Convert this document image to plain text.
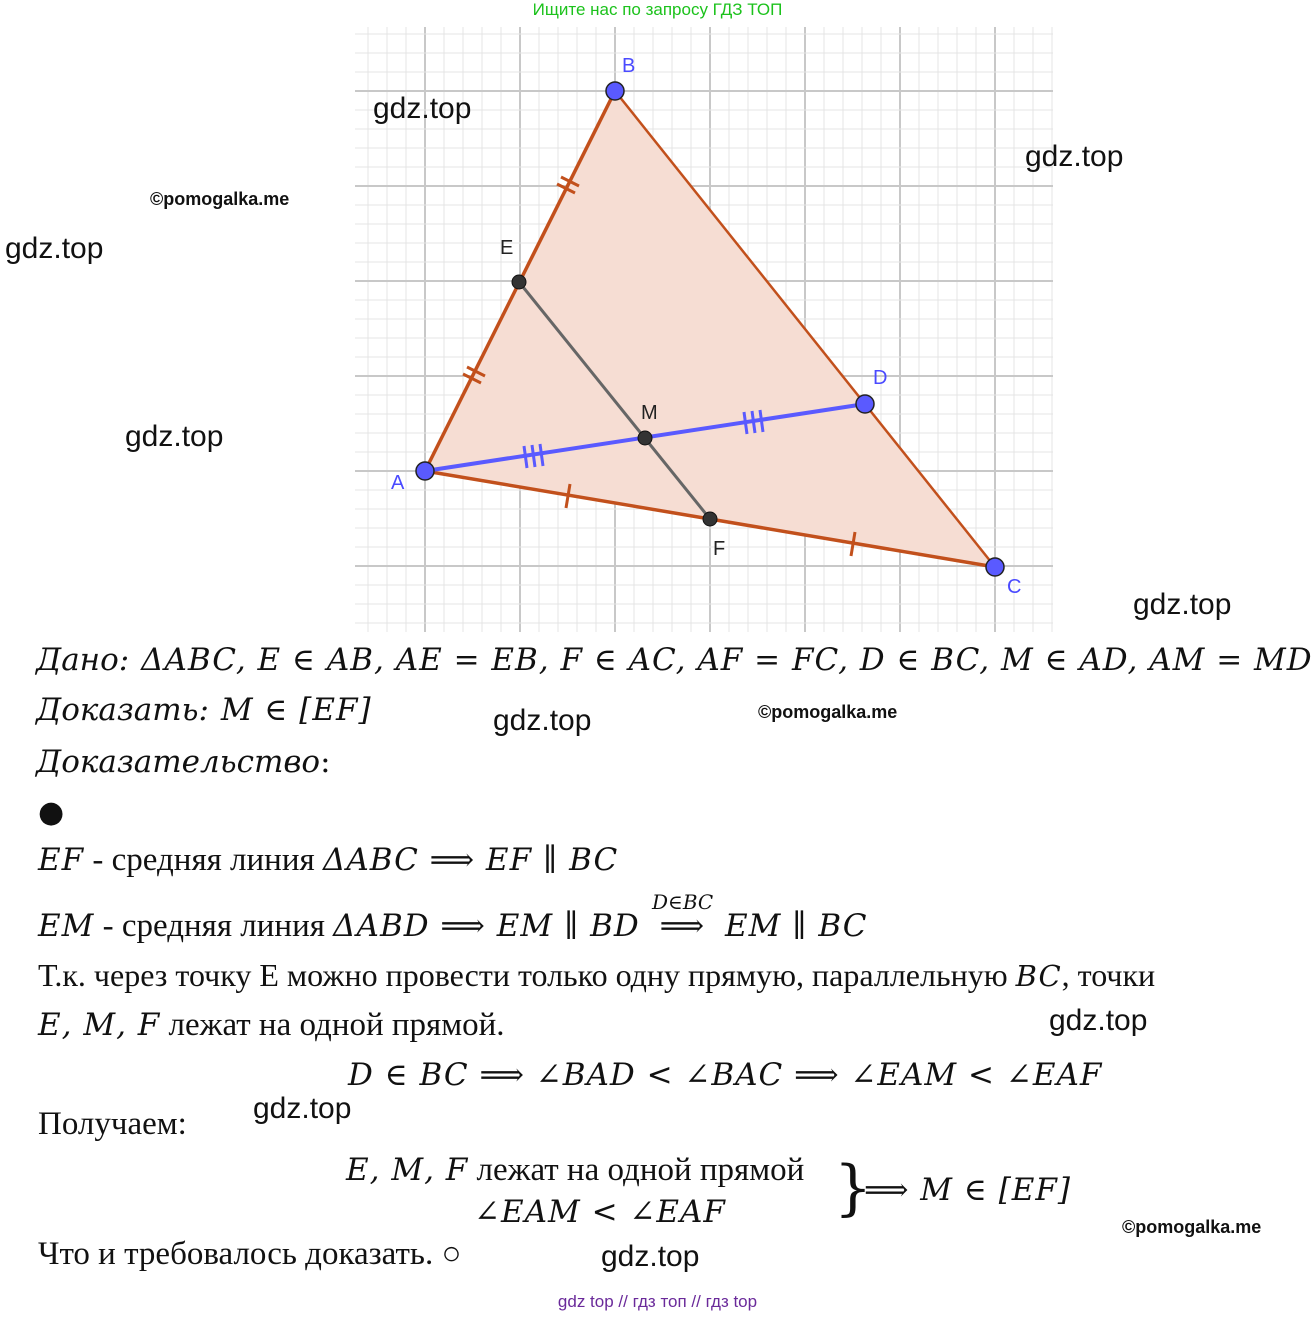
Ищите нас по запросу ГДЗ ТОП
A
B
C
D
E
F
M
gdz.top
gdz.top
gdz.top
gdz.top
gdz.top
gdz.top
gdz.top
gdz.top
gdz.top
©pomogalka.me
©pomogalka.me
©pomogalka.me
Дано: ΔABC, E ∈ AB, AE = EB, F ∈ AC, AF = FC, D ∈ BC, M ∈ AD, AM = MD
Доказать: M ∈ [EF]
Доказательство:
●
EF - средняя линия ΔABC ⟹ EF ∥ BC
D∈BC
EM - средняя линия ΔABD ⟹ EM ∥ BD ⟹ EM ∥ BC
Т.к. через точку Е можно провести только одну прямую, параллельную BC, точки
E, M, F лежат на одной прямой.
D ∈ BC ⟹ ∠BAD < ∠BAC ⟹ ∠EAM < ∠EAF
Получаем:
E, M, F лежат на одной прямой
∠EAM < ∠EAF }
⟹ M ∈ [EF]
Что и требовалось доказать. ○
gdz top // гдз топ // гдз top
